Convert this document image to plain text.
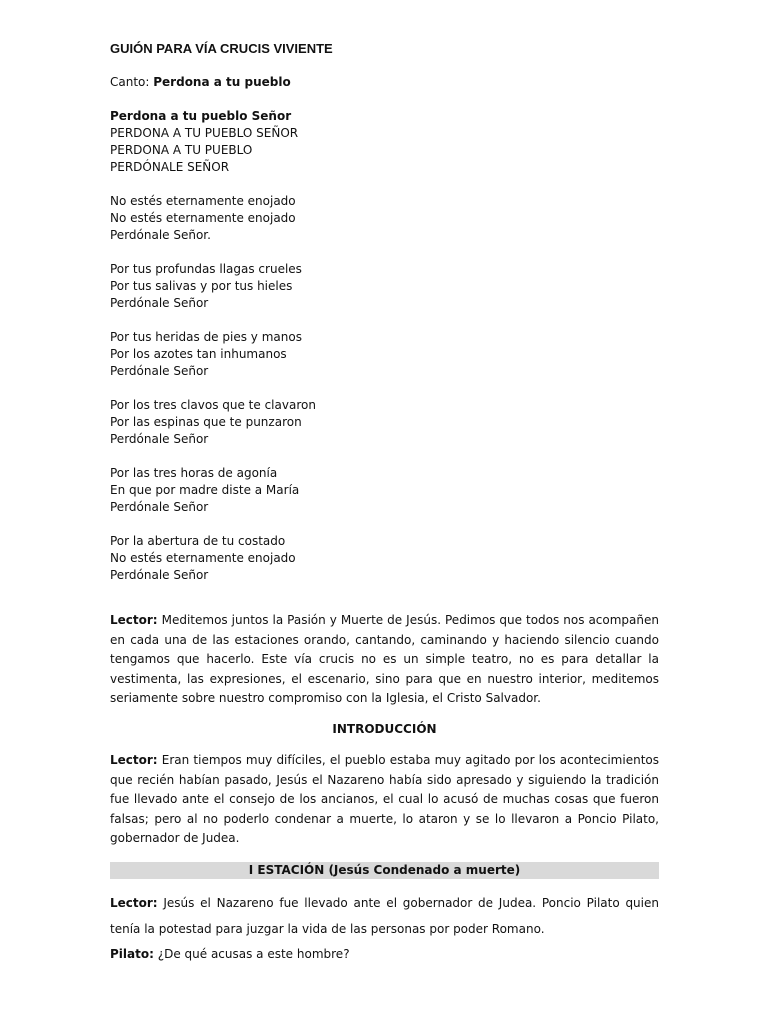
GUIÓN PARA VÍA CRUCIS VIVIENTE
Canto: Perdona a tu pueblo
Perdona a tu pueblo Señor
PERDONA A TU PUEBLO SEÑOR
PERDONA A TU PUEBLO
PERDÓNALE SEÑOR
No estés eternamente enojado
No estés eternamente enojado
Perdónale Señor.
Por tus profundas llagas crueles
Por tus salivas y por tus hieles
Perdónale Señor
Por tus heridas de pies y manos
Por los azotes tan inhumanos
Perdónale Señor
Por los tres clavos que te clavaron
Por las espinas que te punzaron
Perdónale Señor
Por las tres horas de agonía
En que por madre diste a María
Perdónale Señor
Por la abertura de tu costado
No estés eternamente enojado
Perdónale Señor
Lector: Meditemos juntos la Pasión y Muerte de Jesús. Pedimos que todos nos acompañen en cada una de las estaciones orando, cantando, caminando y haciendo silencio cuando tengamos que hacerlo. Este vía crucis no es un simple teatro, no es para detallar la vestimenta, las expresiones, el escenario, sino para que en nuestro interior, meditemos seriamente sobre nuestro compromiso con la Iglesia, el Cristo Salvador.
INTRODUCCIÓN
Lector: Eran tiempos muy difíciles, el pueblo estaba muy agitado por los acontecimientos que recién habían pasado, Jesús el Nazareno había sido apresado y siguiendo la tradición fue llevado ante el consejo de los ancianos, el cual lo acusó de muchas cosas que fueron falsas; pero al no poderlo condenar a muerte, lo ataron y se lo llevaron a Poncio Pilato, gobernador de Judea.
I ESTACIÓN (Jesús Condenado a muerte)
Lector: Jesús el Nazareno fue llevado ante el gobernador de Judea. Poncio Pilato quien tenía la potestad para juzgar la vida de las personas por poder Romano.
Pilato: ¿De qué acusas a este hombre?
